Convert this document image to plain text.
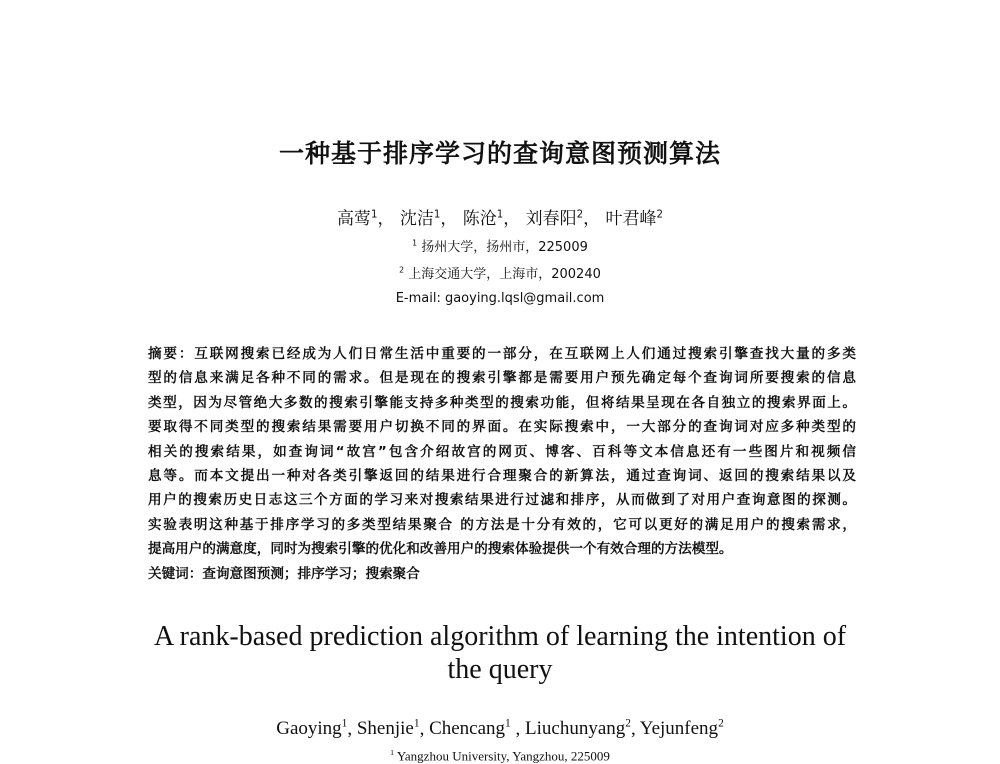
一种基于排序学习的查询意图预测算法
高莺$^1$， 沈洁$^1$， 陈沧$^1$， 刘春阳$^2$， 叶君峰$^2$
$^1$ 扬州大学，扬州市，225009
$^2$ 上海交通大学，上海市，200240
E-mail: gaoying.lqsl@gmail.com
摘要：互联网搜索已经成为人们日常生活中重要的一部分，在互联网上人们通过搜索引擎查找大量的多类
型的信息来满足各种不同的需求。但是现在的搜索引擎都是需要用户预先确定每个查询词所要搜索的信息
类型，因为尽管绝大多数的搜索引擎能支持多种类型的搜索功能，但将结果呈现在各自独立的搜索界面上。
要取得不同类型的搜索结果需要用户切换不同的界面。在实际搜索中，一大部分的查询词对应多种类型的
相关的搜索结果，如查询词“故宫”包含介绍故宫的网页、博客、百科等文本信息还有一些图片和视频信
息等。而本文提出一种对各类引擎返回的结果进行合理聚合的新算法，通过查询词、返回的搜索结果以及
用户的搜索历史日志这三个方面的学习来对搜索结果进行过滤和排序，从而做到了对用户查询意图的探测。
实验表明这种基于排序学习的多类型结果聚合 的方法是十分有效的，它可以更好的满足用户的搜索需求，
提高用户的满意度，同时为搜索引擎的优化和改善用户的搜索体验提供一个有效合理的方法模型。
关键词：查询意图预测；排序学习；搜索聚合
A rank-based prediction algorithm of learning the intention of
the query
Gaoying$^1$, Shenjie$^1$, Chencang$^1$ , Liuchunyang$^2$, Yejunfeng$^2$
$^1$ Yangzhou University, Yangzhou, 225009
